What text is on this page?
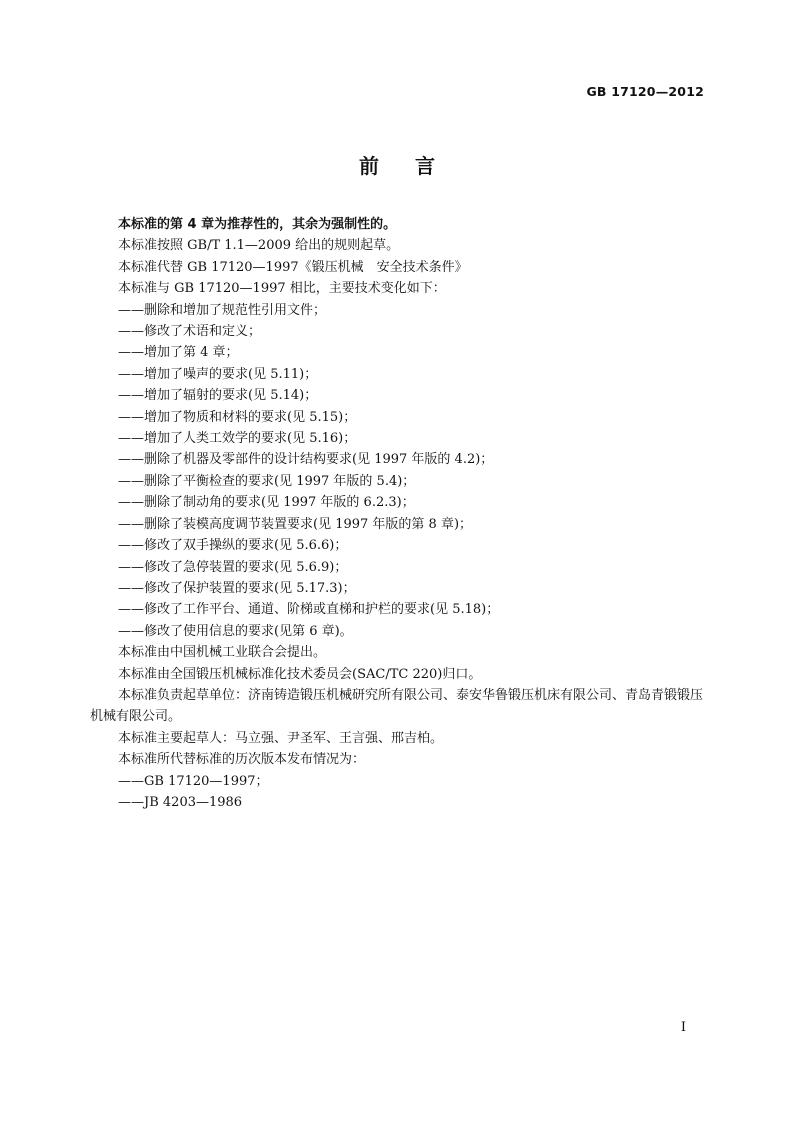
GB 17120—2012
前言

本标准的第 4 章为推荐性的，其余为强制性的。

本标准按照 GB/T 1.1—2009 给出的规则起草。

本标准代替 GB 17120—1997《锻压机械　安全技术条件》

本标准与 GB 17120—1997 相比，主要技术变化如下：

——删除和增加了规范性引用文件；

——修改了术语和定义；

——增加了第 4 章；

——增加了噪声的要求(见 5.11)；

——增加了辐射的要求(见 5.14)；

——增加了物质和材料的要求(见 5.15)；

——增加了人类工效学的要求(见 5.16)；

——删除了机器及零部件的设计结构要求(见 1997 年版的 4.2)；

——删除了平衡检查的要求(见 1997 年版的 5.4)；

——删除了制动角的要求(见 1997 年版的 6.2.3)；

——删除了装模高度调节装置要求(见 1997 年版的第 8 章)；

——修改了双手操纵的要求(见 5.6.6)；

——修改了急停装置的要求(见 5.6.9)；

——修改了保护装置的要求(见 5.17.3)；

——修改了工作平台、通道、阶梯或直梯和护栏的要求(见 5.18)；

——修改了使用信息的要求(见第 6 章)。

本标准由中国机械工业联合会提出。

本标准由全国锻压机械标准化技术委员会(SAC/TC 220)归口。

本标准负责起草单位：济南铸造锻压机械研究所有限公司、泰安华鲁锻压机床有限公司、青岛青锻锻压机械有限公司。

本标准主要起草人：马立强、尹圣军、王言强、邢吉柏。

本标准所代替标准的历次版本发布情况为：

——GB 17120—1997；

——JB 4203—1986

I
